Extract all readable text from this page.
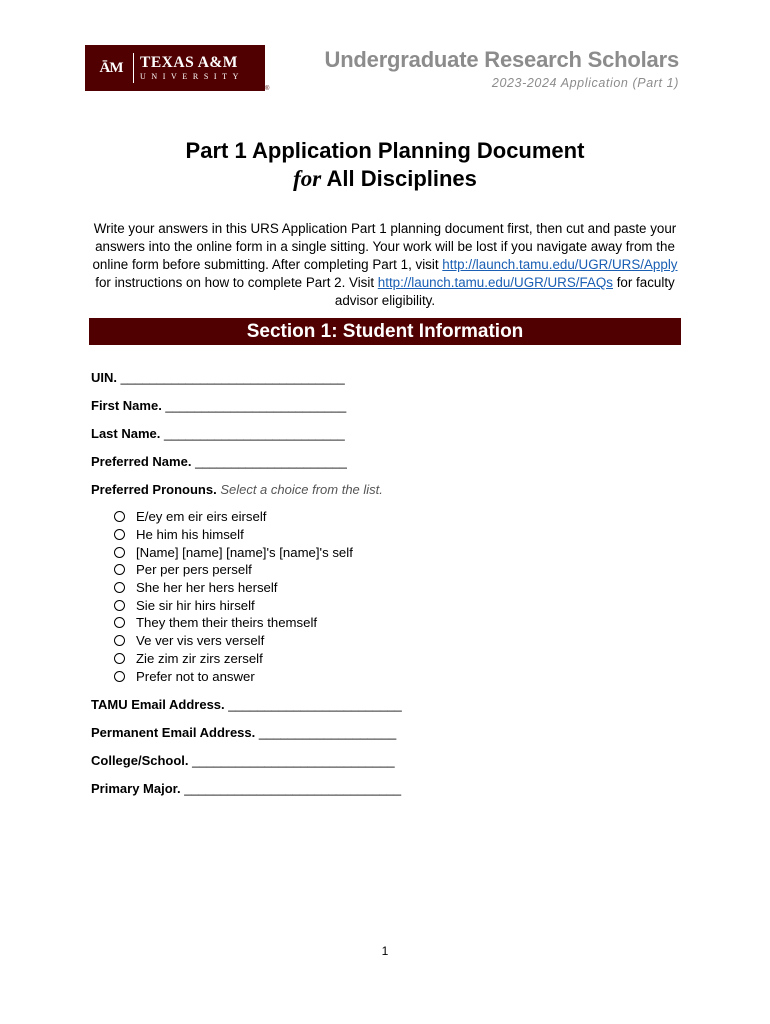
ĀM	TEXAS A&M
UNIVERSITY
®
Undergraduate Research Scholars
2023-2024 Application (Part 1)
Part 1 Application Planning Document
for All Disciplines
Write your answers in this URS Application Part 1 planning document first, then cut and paste your answers into the online form in a single sitting. Your work will be lost if you navigate away from the online form before submitting. After completing Part 1, visit http://launch.tamu.edu/UGR/URS/Apply for instructions on how to complete Part 2. Visit http://launch.tamu.edu/UGR/URS/FAQs for faculty advisor eligibility.
Section 1: Student Information
UIN. _______________________________
First Name. _________________________
Last Name. _________________________
Preferred Name. _____________________
Preferred Pronouns. Select a choice from the list.
E/ey em eir eirs eirself
He him his himself
[Name] [name] [name]'s [name]'s self
Per per pers perself
She her her hers herself
Sie sir hir hirs hirself
They them their theirs themself
Ve ver vis vers verself
Zie zim zir zirs zerself
Prefer not to answer
TAMU Email Address. ________________________
Permanent Email Address. ___________________
College/School. ____________________________
Primary Major. ______________________________
1
